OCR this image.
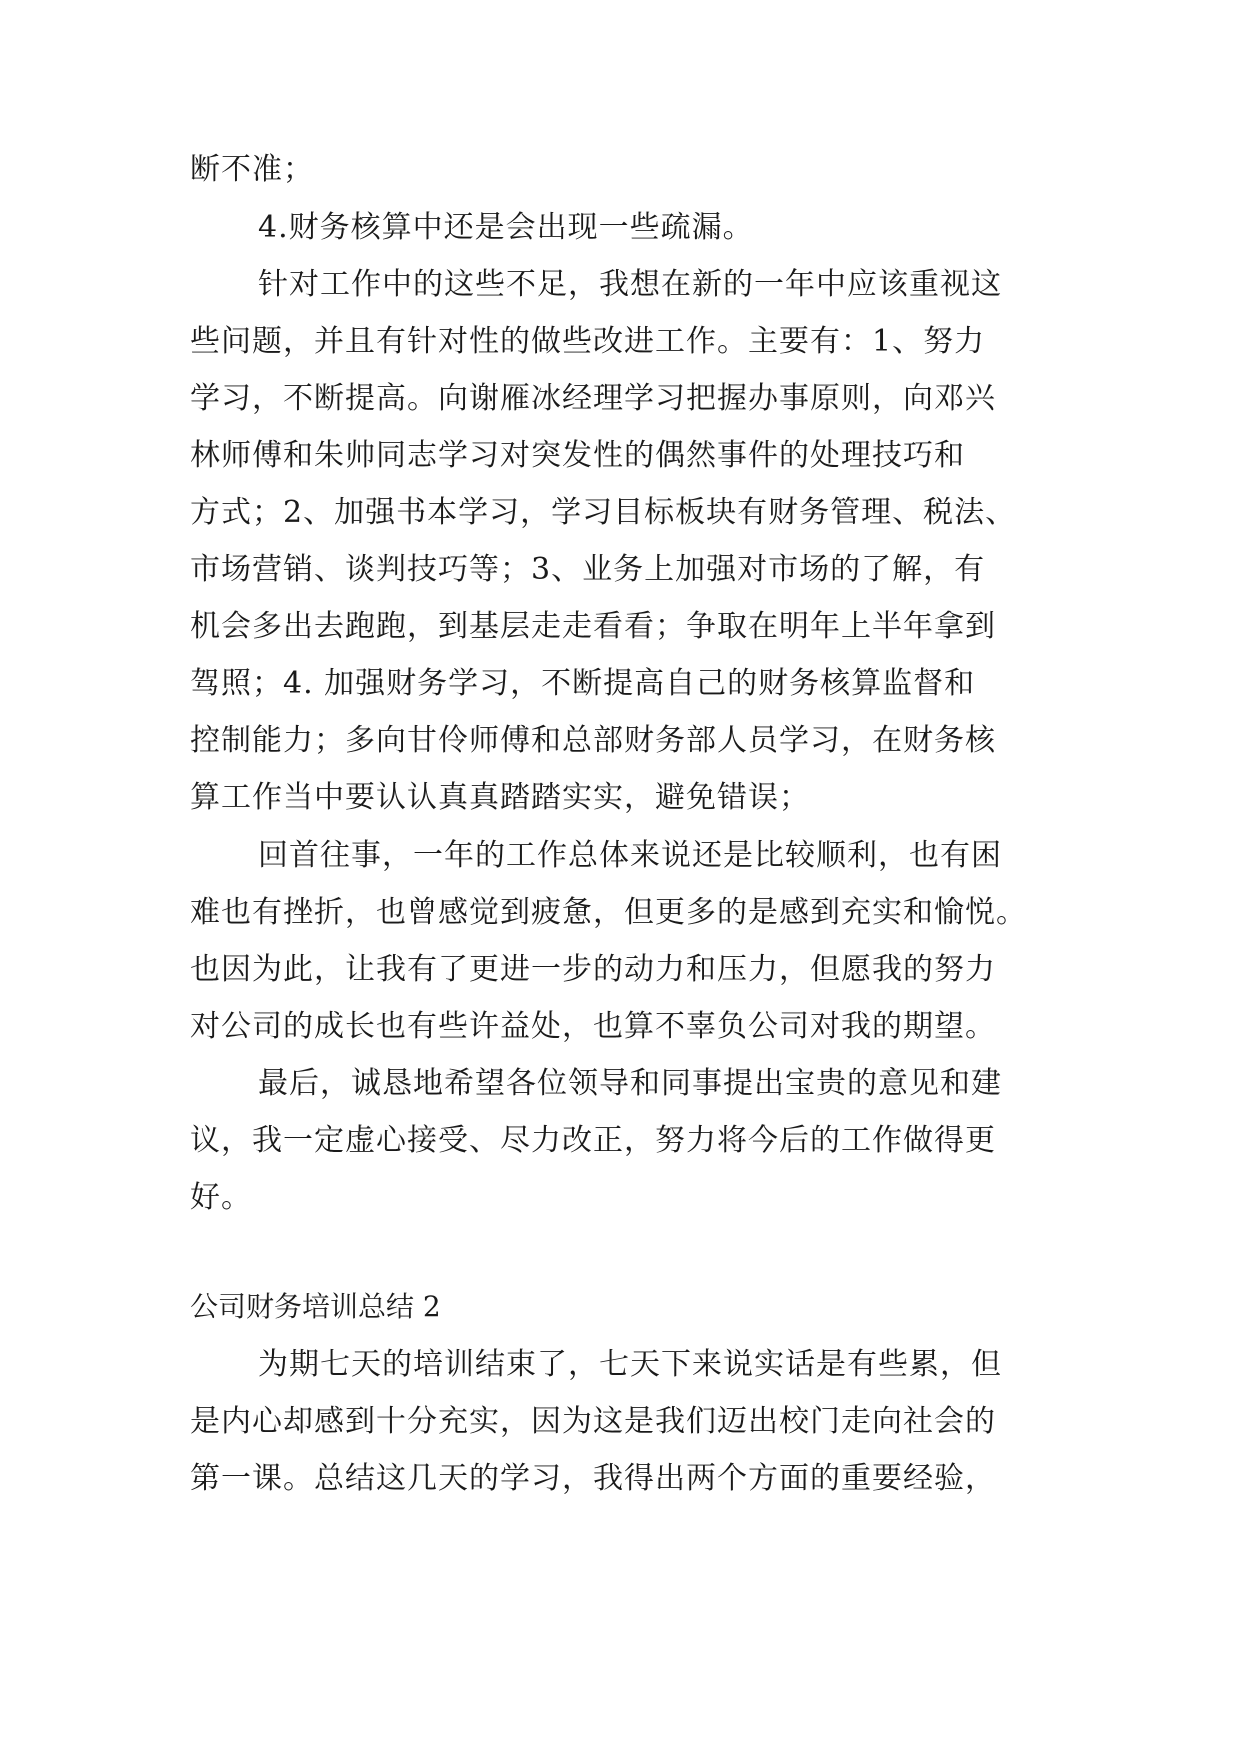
断不准；
4.财务核算中还是会出现一些疏漏。
针对工作中的这些不足，我想在新的一年中应该重视这
些问题，并且有针对性的做些改进工作。主要有：1、努力
学习，不断提高。向谢雁冰经理学习把握办事原则，向邓兴
林师傅和朱帅同志学习对突发性的偶然事件的处理技巧和
方式；2、加强书本学习，学习目标板块有财务管理、税法、
市场营销、谈判技巧等；3、业务上加强对市场的了解，有
机会多出去跑跑，到基层走走看看；争取在明年上半年拿到
驾照；4. 加强财务学习，不断提高自己的财务核算监督和
控制能力；多向甘伶师傅和总部财务部人员学习，在财务核
算工作当中要认认真真踏踏实实，避免错误；
回首往事，一年的工作总体来说还是比较顺利，也有困
难也有挫折，也曾感觉到疲惫，但更多的是感到充实和愉悦。
也因为此，让我有了更进一步的动力和压力，但愿我的努力
对公司的成长也有些许益处，也算不辜负公司对我的期望。
最后，诚恳地希望各位领导和同事提出宝贵的意见和建
议，我一定虚心接受、尽力改正，努力将今后的工作做得更
好。
公司财务培训总结 2
为期七天的培训结束了，七天下来说实话是有些累，但
是内心却感到十分充实，因为这是我们迈出校门走向社会的
第一课。总结这几天的学习，我得出两个方面的重要经验，
